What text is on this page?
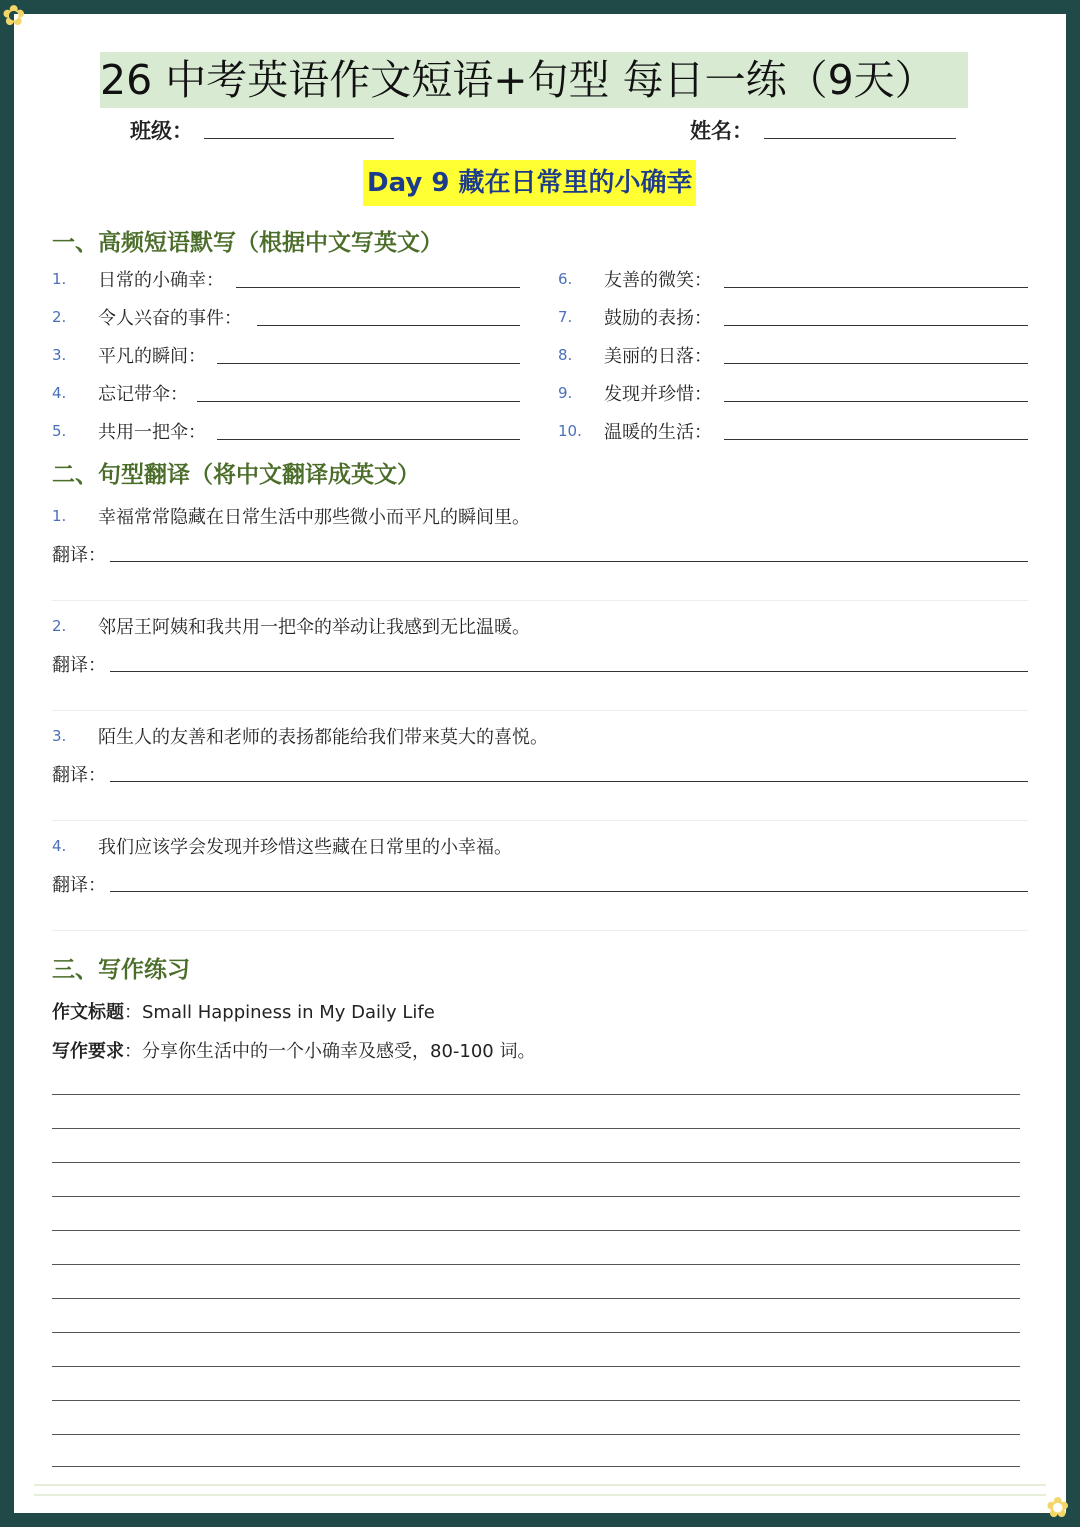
26 中考英语作文短语+句型 每日一练（9天）
班级：	姓名：
Day 9 藏在日常里的小确幸
一、高频短语默写（根据中文写英文）
1. 日常的小确幸：
2. 令人兴奋的事件：
3. 平凡的瞬间：
4. 忘记带伞：
5. 共用一把伞：
6. 友善的微笑：
7. 鼓励的表扬：
8. 美丽的日落：
9. 发现并珍惜：
10. 温暖的生活：
二、句型翻译（将中文翻译成英文）
1. 幸福常常隐藏在日常生活中那些微小而平凡的瞬间里。
翻译：
2. 邻居王阿姨和我共用一把伞的举动让我感到无比温暖。
翻译：
3. 陌生人的友善和老师的表扬都能给我们带来莫大的喜悦。
翻译：
4. 我们应该学会发现并珍惜这些藏在日常里的小幸福。
翻译：
三、写作练习
作文标题：Small Happiness in My Daily Life
写作要求：分享你生活中的一个小确幸及感受，80-100 词。
✿
✿
